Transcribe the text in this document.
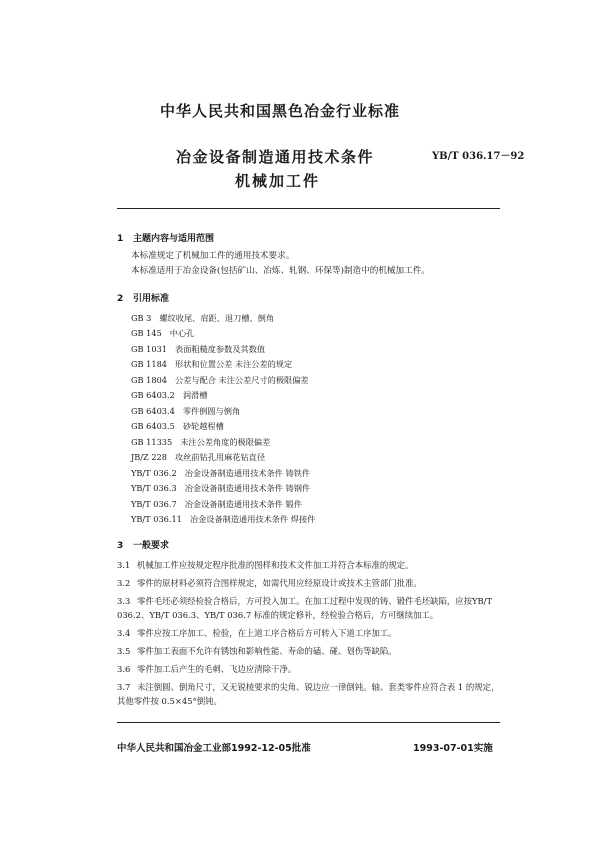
中华人民共和国黑色冶金行业标准
冶金设备制造通用技术条件
机械加工件
YB/T 036.17－92
1 主题内容与适用范围
本标准规定了机械加工件的通用技术要求。
本标准适用于冶金设备(包括矿山、冶炼、轧钢、环保等)制造中的机械加工件。
2 引用标准
GB 3 螺纹收尾、肩距、退刀槽、倒角
GB 145 中心孔
GB 1031 表面粗糙度参数及其数值
GB 1184 形状和位置公差 未注公差的规定
GB 1804 公差与配合 未注公差尺寸的极限偏差
GB 6403.2 润滑槽
GB 6403.4 零件倒圆与倒角
GB 6403.5 砂轮越程槽
GB 11335 未注公差角度的极限偏差
JB/Z 228 攻丝前钻孔用麻花钻直径
YB/T 036.2 冶金设备制造通用技术条件 铸铁件
YB/T 036.3 冶金设备制造通用技术条件 铸钢件
YB/T 036.7 冶金设备制造通用技术条件 锻件
YB/T 036.11 冶金设备制造通用技术条件 焊接件
3 一般要求
3.1 机械加工件应按规定程序批准的图样和技术文件加工并符合本标准的规定。
3.2 零件的原材料必须符合图样规定，如需代用应经原设计或技术主管部门批准。
3.3 零件毛坯必须经检验合格后，方可投入加工。在加工过程中发现的铸、锻件毛坯缺陷，应按YB/T 036.2、YB/T 036.3、YB/T 036.7 标准的规定修补，经检验合格后，方可继续加工。
3.4 零件应按工序加工、检验，在上道工序合格后方可转入下道工序加工。
3.5 零件加工表面不允许有锈蚀和影响性能、寿命的磕、碰、划伤等缺陷。
3.6 零件加工后产生的毛刺、飞边应清除干净。
3.7 未注倒圆、倒角尺寸，又无锐棱要求的尖角、锐边应一律倒钝。轴、套类零件应符合表 1 的规定，其他零件按 0.5×45°倒钝。
中华人民共和国冶金工业部1992-12-05批准	1993-07-01实施
